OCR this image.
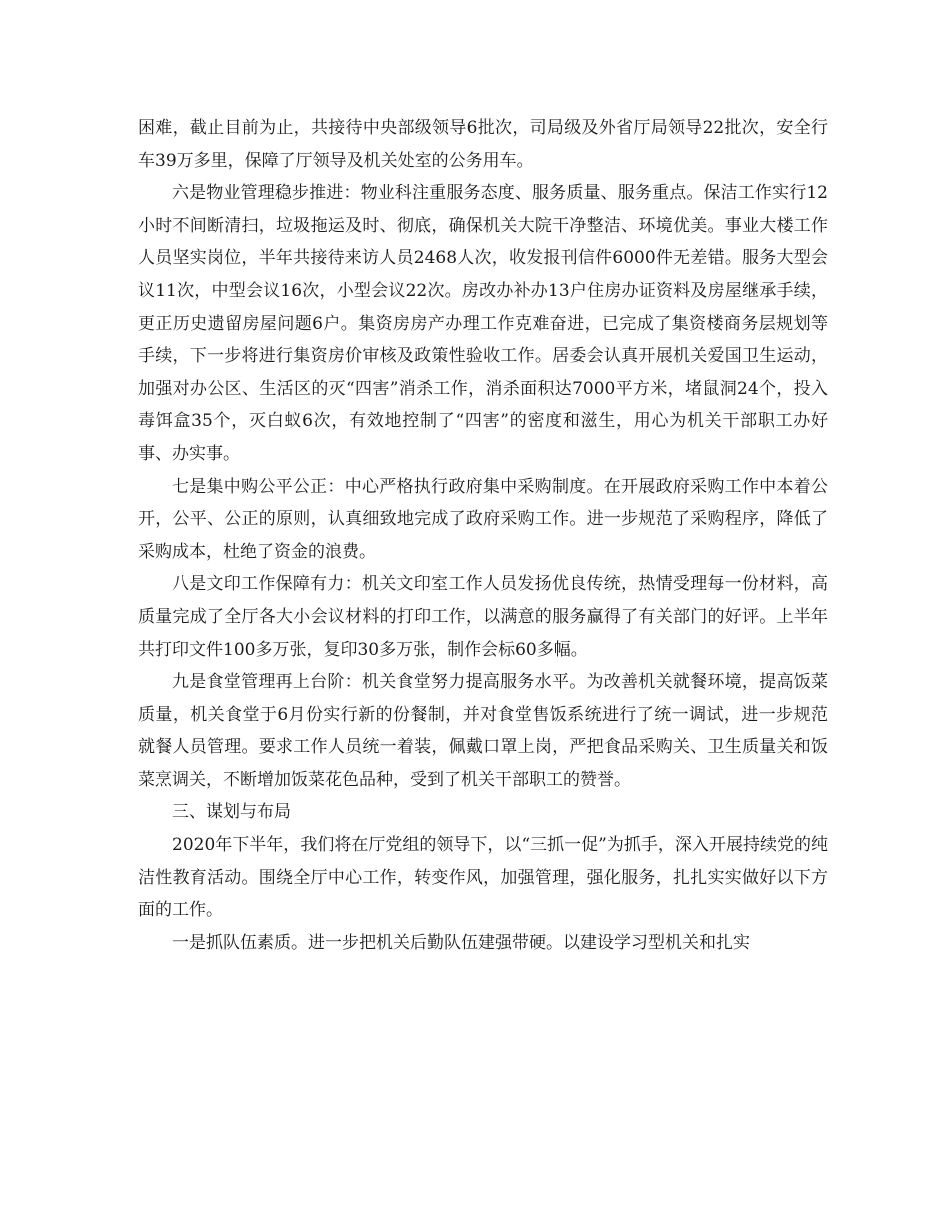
困难，截止目前为止，共接待中央部级领导6批次，司局级及外省厅局领导22批次，安全行车39万多里，保障了厅领导及机关处室的公务用车。

六是物业管理稳步推进：物业科注重服务态度、服务质量、服务重点。保洁工作实行12小时不间断清扫，垃圾拖运及时、彻底，确保机关大院干净整洁、环境优美。事业大楼工作人员坚实岗位，半年共接待来访人员2468人次，收发报刊信件6000件无差错。服务大型会议11次，中型会议16次，小型会议22次。房改办补办13户住房办证资料及房屋继承手续，更正历史遗留房屋问题6户。集资房房产办理工作克难奋进，已完成了集资楼商务层规划等手续，下一步将进行集资房价审核及政策性验收工作。居委会认真开展机关爱国卫生运动，加强对办公区、生活区的灭“四害”消杀工作，消杀面积达7000平方米，堵鼠洞24个，投入毒饵盒35个，灭白蚁6次，有效地控制了“四害”的密度和滋生，用心为机关干部职工办好事、办实事。

七是集中购公平公正：中心严格执行政府集中采购制度。在开展政府采购工作中本着公开，公平、公正的原则，认真细致地完成了政府采购工作。进一步规范了采购程序，降低了采购成本，杜绝了资金的浪费。

八是文印工作保障有力：机关文印室工作人员发扬优良传统，热情受理每一份材料，高质量完成了全厅各大小会议材料的打印工作，以满意的服务赢得了有关部门的好评。上半年共打印文件100多万张，复印30多万张，制作会标60多幅。

九是食堂管理再上台阶：机关食堂努力提高服务水平。为改善机关就餐环境，提高饭菜质量，机关食堂于6月份实行新的份餐制，并对食堂售饭系统进行了统一调试，进一步规范就餐人员管理。要求工作人员统一着装，佩戴口罩上岗，严把食品采购关、卫生质量关和饭菜烹调关，不断增加饭菜花色品种，受到了机关干部职工的赞誉。

三、谋划与布局

2020年下半年，我们将在厅党组的领导下，以“三抓一促”为抓手，深入开展持续党的纯洁性教育活动。围绕全厅中心工作，转变作风，加强管理，强化服务，扎扎实实做好以下方面的工作。

一是抓队伍素质。进一步把机关后勤队伍建强带硬。以建设学习型机关和扎实
